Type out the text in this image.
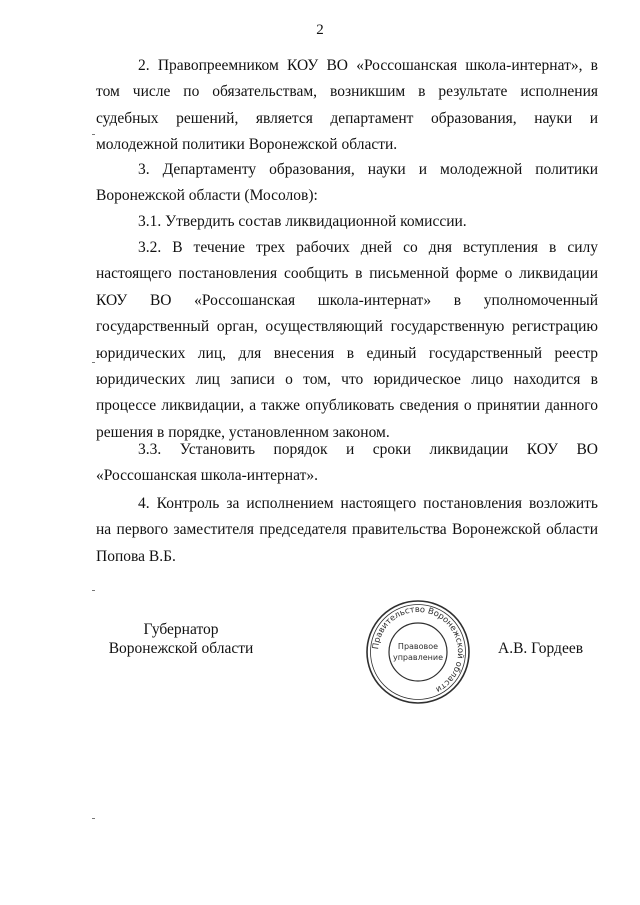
2

2. Правопреемником КОУ ВО «Россошанская школа-интернат», в том числе по обязательствам, возникшим в результате исполнения судебных решений, является департамент образования, науки и молодежной политики Воронежской области.

3. Департаменту образования, науки и молодежной политики Воронежской области (Мосолов):

3.1. Утвердить состав ликвидационной комиссии.

3.2. В течение трех рабочих дней со дня вступления в силу настоящего постановления сообщить в письменной форме о ликвидации КОУ ВО «Россошанская школа-интернат» в уполномоченный государственный орган, осуществляющий государственную регистрацию юридических лиц, для внесения в единый государственный реестр юридических лиц записи о том, что юридическое лицо находится в процессе ликвидации, а также опубликовать сведения о принятии данного решения в порядке, установленном законом.

3.3. Установить порядок и сроки ликвидации КОУ ВО «Россошанская школа-интернат».

4. Контроль за исполнением настоящего постановления возложить на первого заместителя председателя правительства Воронежской области Попова В.Б.

Губернатор
Воронежской области	Правительство Воронежской области
Правовое
управление
А.В. Гордеев
